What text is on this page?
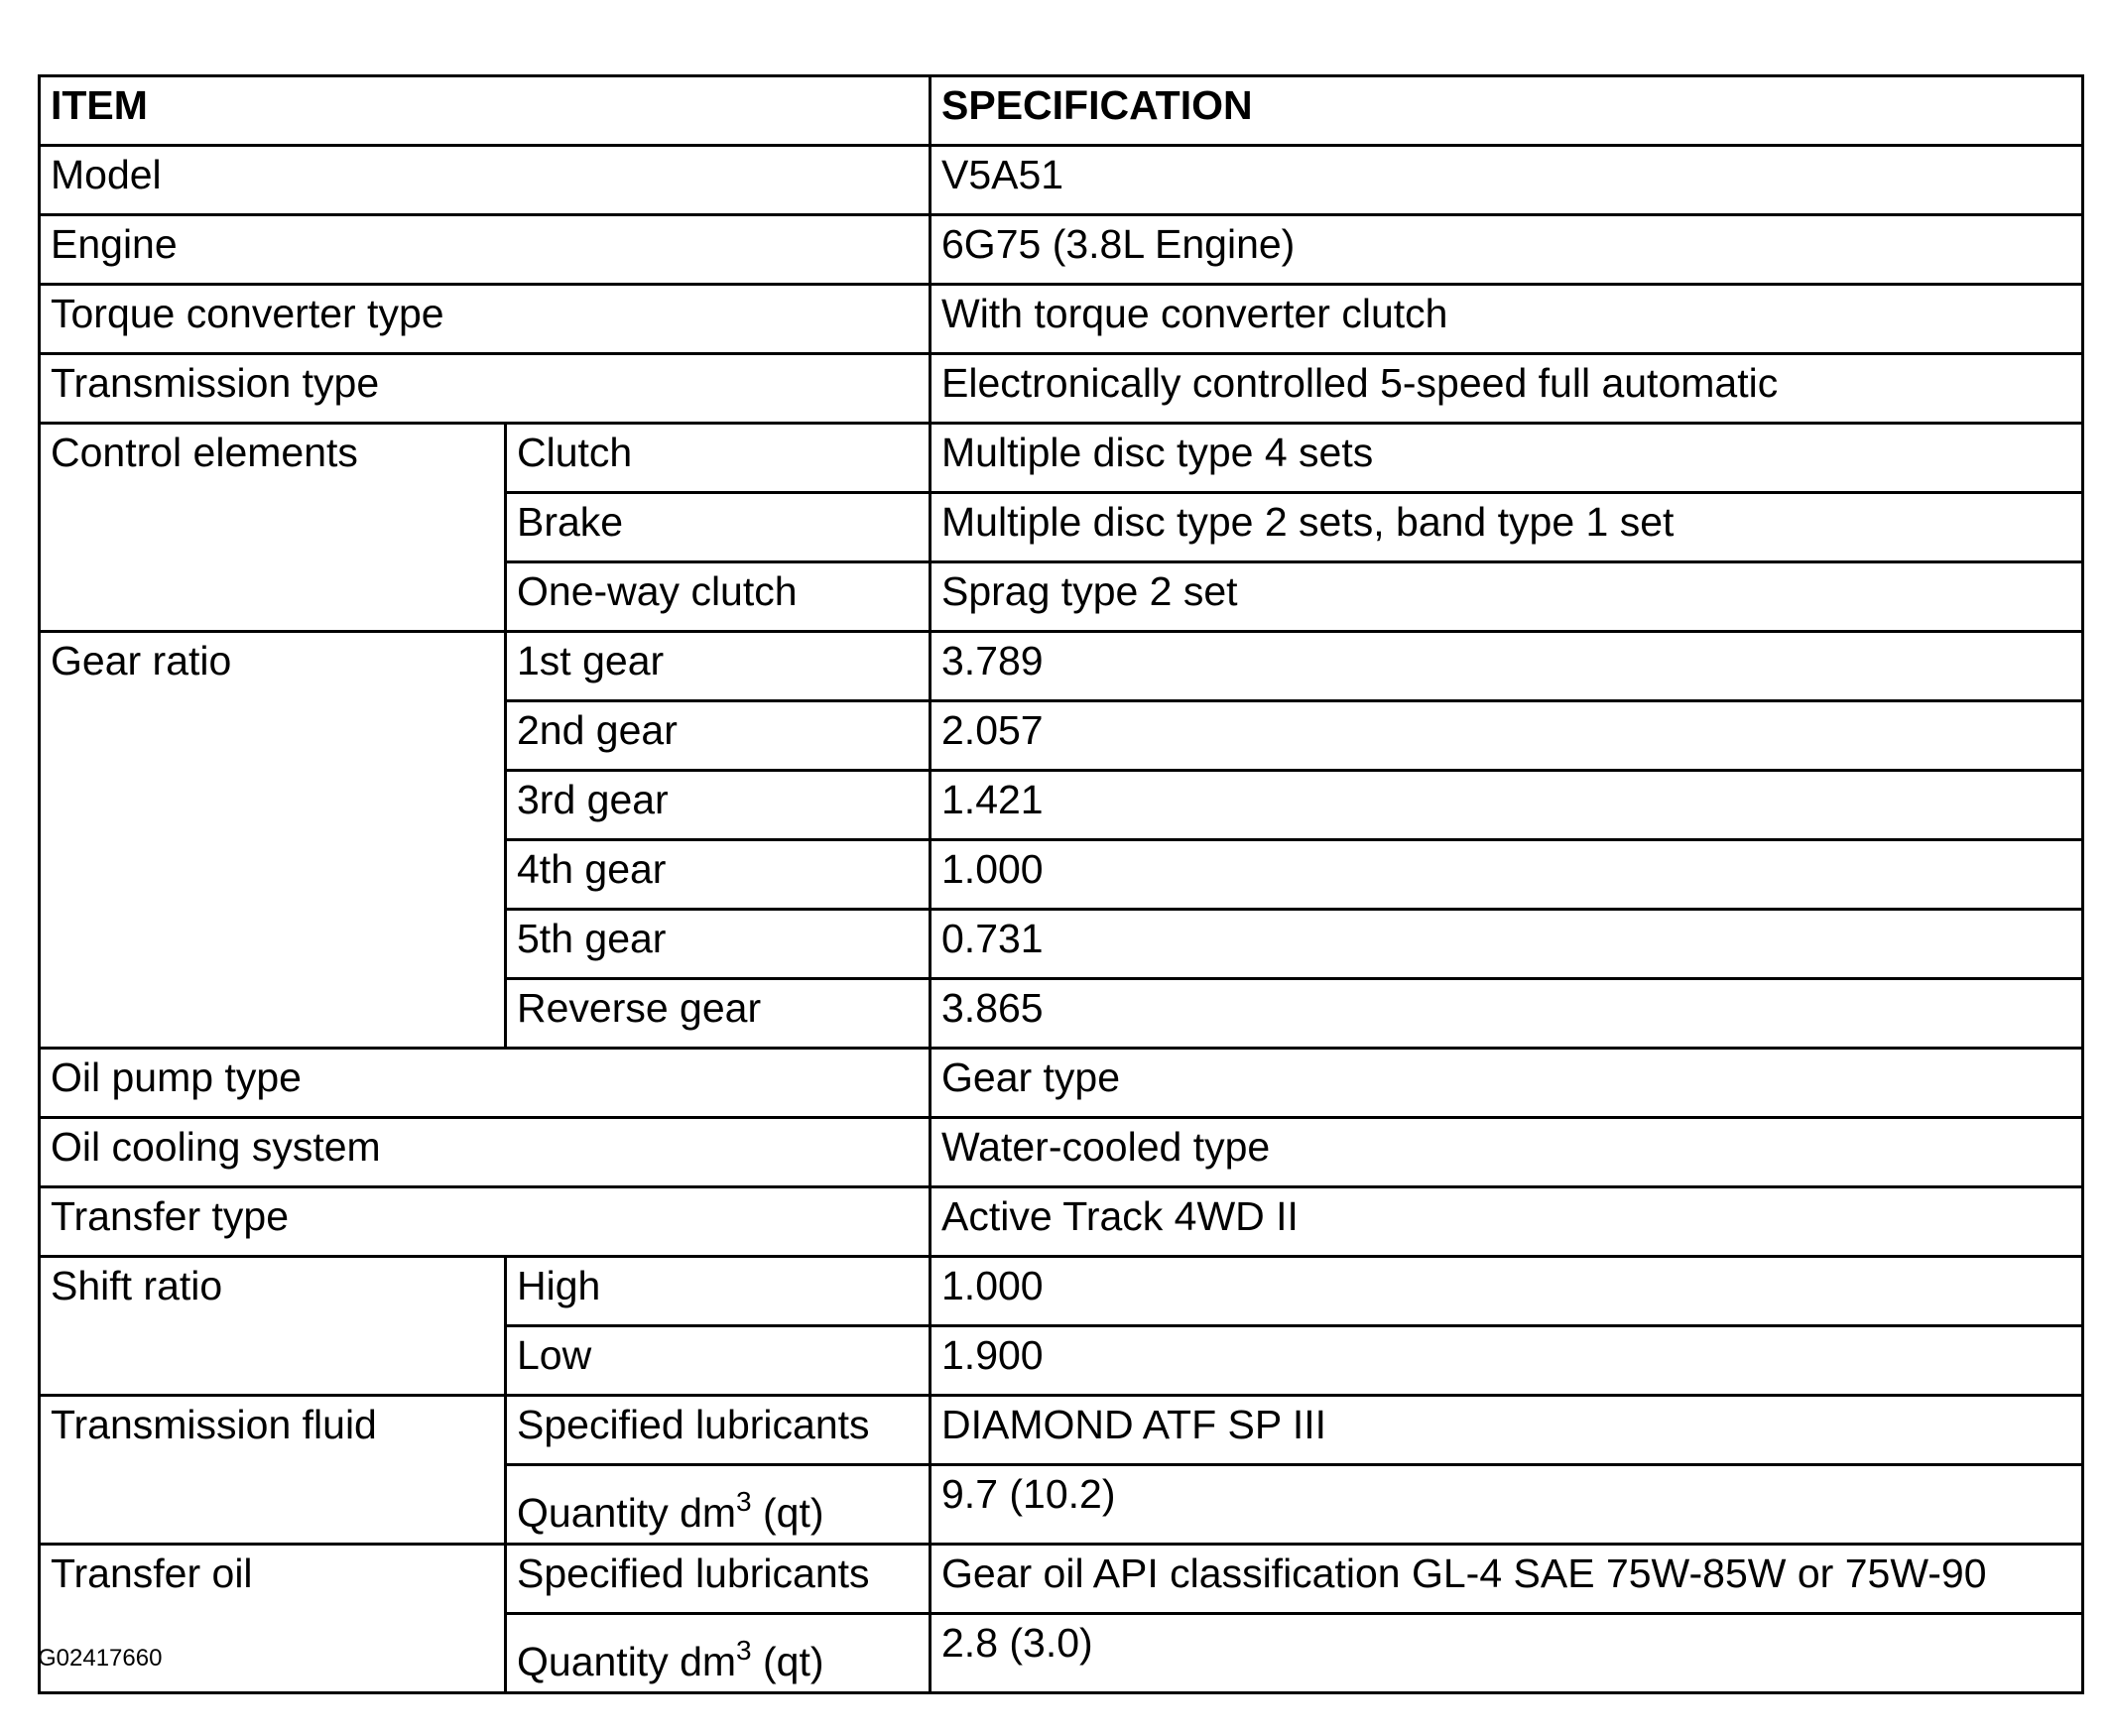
ITEM		SPECIFICATION
Model		V5A51
Engine		6G75 (3.8L Engine)
Torque converter type		With torque converter clutch
Transmission type		Electronically controlled 5-speed full automatic
Control elements	Clutch	Multiple disc type 4 sets
	Brake	Multiple disc type 2 sets, band type 1 set
	One-way clutch	Sprag type 2 set
Gear ratio	1st gear	3.789
	2nd gear	2.057
	3rd gear	1.421
	4th gear	1.000
	5th gear	0.731
	Reverse gear	3.865
Oil pump type		Gear type
Oil cooling system		Water-cooled type
Transfer type		Active Track 4WD II
Shift ratio	High	1.000
	Low	1.900
Transmission fluid	Specified lubricants	DIAMOND ATF SP III
	Quantity $dm^3$ (qt)	9.7 (10.2)
Transfer oil	Specified lubricants	Gear oil API classification GL-4 SAE 75W-85W or 75W-90
	Quantity $dm^3$ (qt)	2.8 (3.0)
G02417660
